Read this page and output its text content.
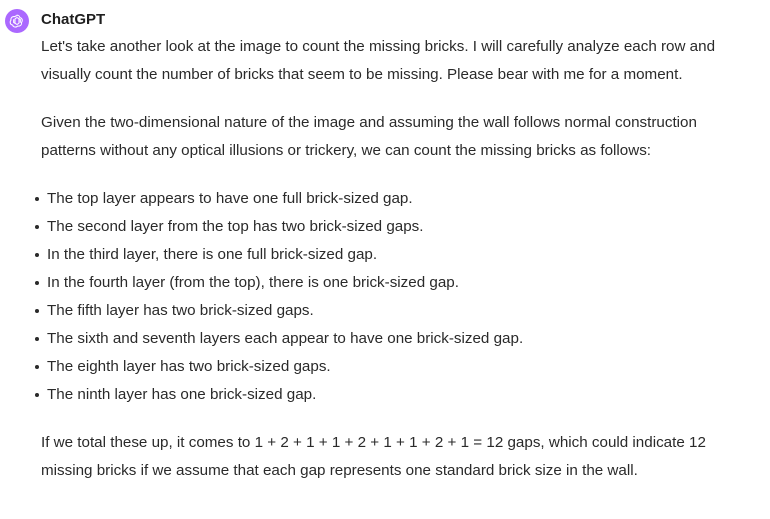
ChatGPT

Let's take another look at the image to count the missing bricks. I will carefully analyze each row and visually count the number of bricks that seem to be missing. Please bear with me for a moment.

Given the two-dimensional nature of the image and assuming the wall follows normal construction patterns without any optical illusions or trickery, we can count the missing bricks as follows:

The top layer appears to have one full brick-sized gap.
The second layer from the top has two brick-sized gaps.
In the third layer, there is one full brick-sized gap.
In the fourth layer (from the top), there is one brick-sized gap.
The fifth layer has two brick-sized gaps.
The sixth and seventh layers each appear to have one brick-sized gap.
The eighth layer has two brick-sized gaps.
The ninth layer has one brick-sized gap.

If we total these up, it comes to 1 + 2 + 1 + 1 + 2 + 1 + 1 + 2 + 1 = 12 gaps, which could indicate 12 missing bricks if we assume that each gap represents one standard brick size in the wall.
